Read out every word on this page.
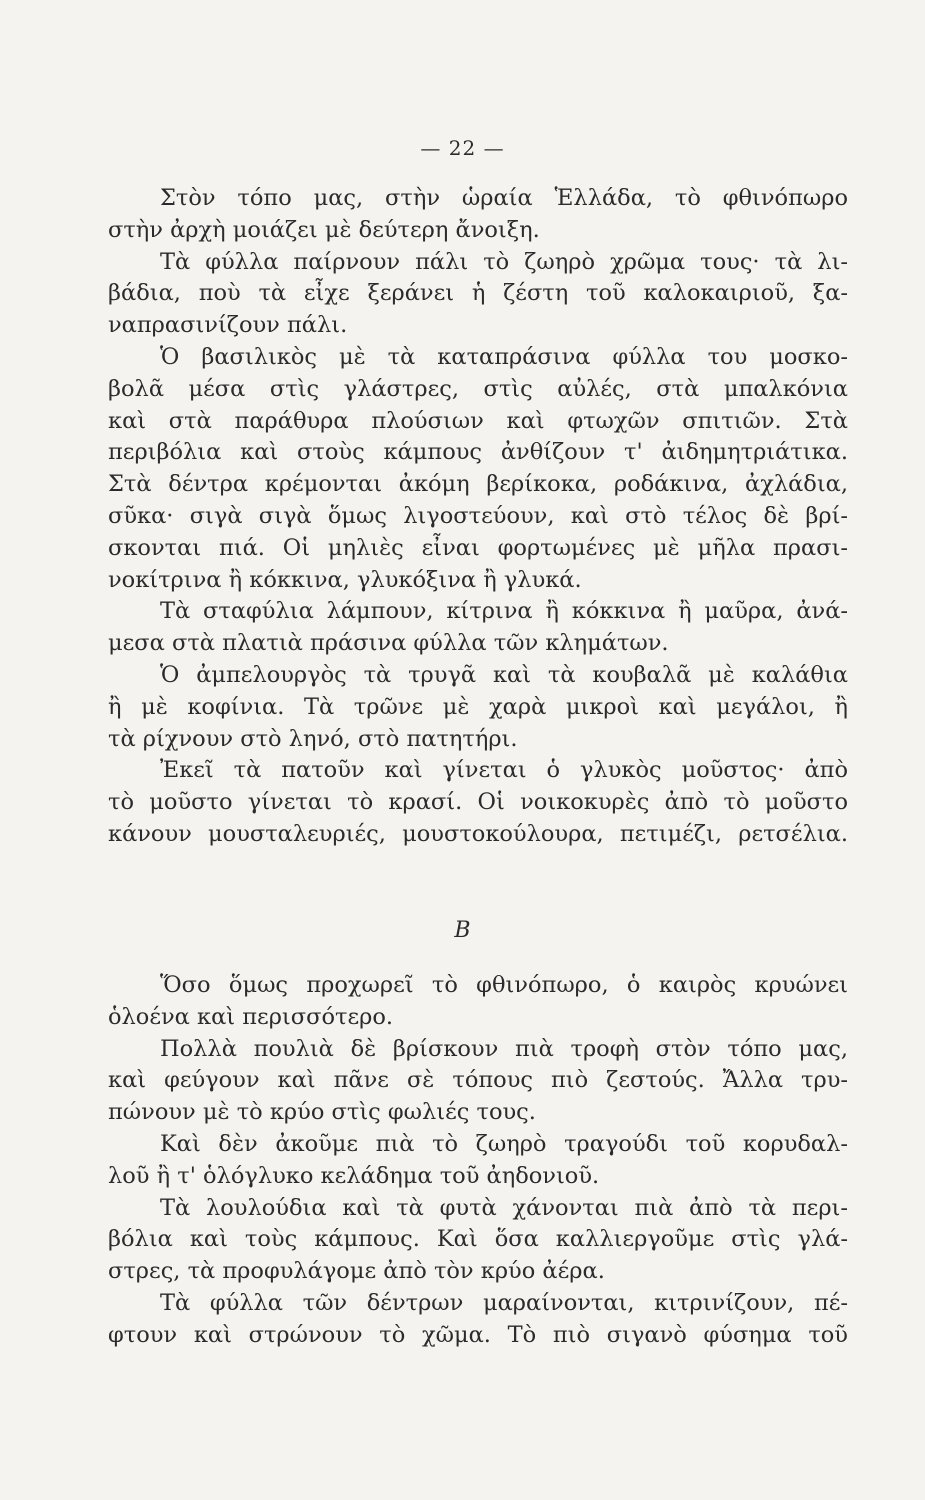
— 22 —
Στὸν τόπο μας, στὴν ὡραία Ἑλλάδα, τὸ φθινόπωρο
στὴν ἀρχὴ μοιάζει μὲ δεύτερη ἄνοιξη.
Τὰ φύλλα παίρνουν πάλι τὸ ζωηρὸ χρῶμα τους· τὰ λι-
βάδια, ποὺ τὰ εἶχε ξεράνει ἡ ζέστη τοῦ καλοκαιριοῦ, ξα-
ναπρασινίζουν πάλι.
Ὁ βασιλικὸς μὲ τὰ καταπράσινα φύλλα του μοσκο-
βολᾶ μέσα στὶς γλάστρες, στὶς αὐλές, στὰ μπαλκόνια
καὶ στὰ παράθυρα πλούσιων καὶ φτωχῶν σπιτιῶν. Στὰ
περιβόλια καὶ στοὺς κάμπους ἀνθίζουν τ' ἀιδημητριάτικα.
Στὰ δέντρα κρέμονται ἀκόμη βερίκοκα, ροδάκινα, ἀχλάδια,
σῦκα· σιγὰ σιγὰ ὅμως λιγοστεύουν, καὶ στὸ τέλος δὲ βρί-
σκονται πιά. Οἱ μηλιὲς εἶναι φορτωμένες μὲ μῆλα πρασι-
νοκίτρινα ἢ κόκκινα, γλυκόξινα ἢ γλυκά.
Τὰ σταφύλια λάμπουν, κίτρινα ἢ κόκκινα ἢ μαῦρα, ἀνά-
μεσα στὰ πλατιὰ πράσινα φύλλα τῶν κλημάτων.
Ὁ ἀμπελουργὸς τὰ τρυγᾶ καὶ τὰ κουβαλᾶ μὲ καλάθια
ἢ μὲ κοφίνια. Τὰ τρῶνε μὲ χαρὰ μικροὶ καὶ μεγάλοι, ἢ
τὰ ρίχνουν στὸ ληνό, στὸ πατητήρι.
Ἐκεῖ τὰ πατοῦν καὶ γίνεται ὁ γλυκὸς μοῦστος· ἀπὸ
τὸ μοῦστο γίνεται τὸ κρασί. Οἱ νοικοκυρὲς ἀπὸ τὸ μοῦστο
κάνουν μουσταλευριές, μουστοκούλουρα, πετιμέζι, ρετσέλια.
B
Ὅσο ὅμως προχωρεῖ τὸ φθινόπωρο, ὁ καιρὸς κρυώνει
ὁλοένα καὶ περισσότερο.
Πολλὰ πουλιὰ δὲ βρίσκουν πιὰ τροφὴ στὸν τόπο μας,
καὶ φεύγουν καὶ πᾶνε σὲ τόπους πιὸ ζεστούς. Ἄλλα τρυ-
πώνουν μὲ τὸ κρύο στὶς φωλιές τους.
Καὶ δὲν ἀκοῦμε πιὰ τὸ ζωηρὸ τραγούδι τοῦ κορυδαλ-
λοῦ ἢ τ' ὁλόγλυκο κελάδημα τοῦ ἀηδονιοῦ.
Τὰ λουλούδια καὶ τὰ φυτὰ χάνονται πιὰ ἀπὸ τὰ περι-
βόλια καὶ τοὺς κάμπους. Καὶ ὅσα καλλιεργοῦμε στὶς γλά-
στρες, τὰ προφυλάγομε ἀπὸ τὸν κρύο ἀέρα.
Τὰ φύλλα τῶν δέντρων μαραίνονται, κιτρινίζουν, πέ-
φτουν καὶ στρώνουν τὸ χῶμα. Τὸ πιὸ σιγανὸ φύσημα τοῦ
